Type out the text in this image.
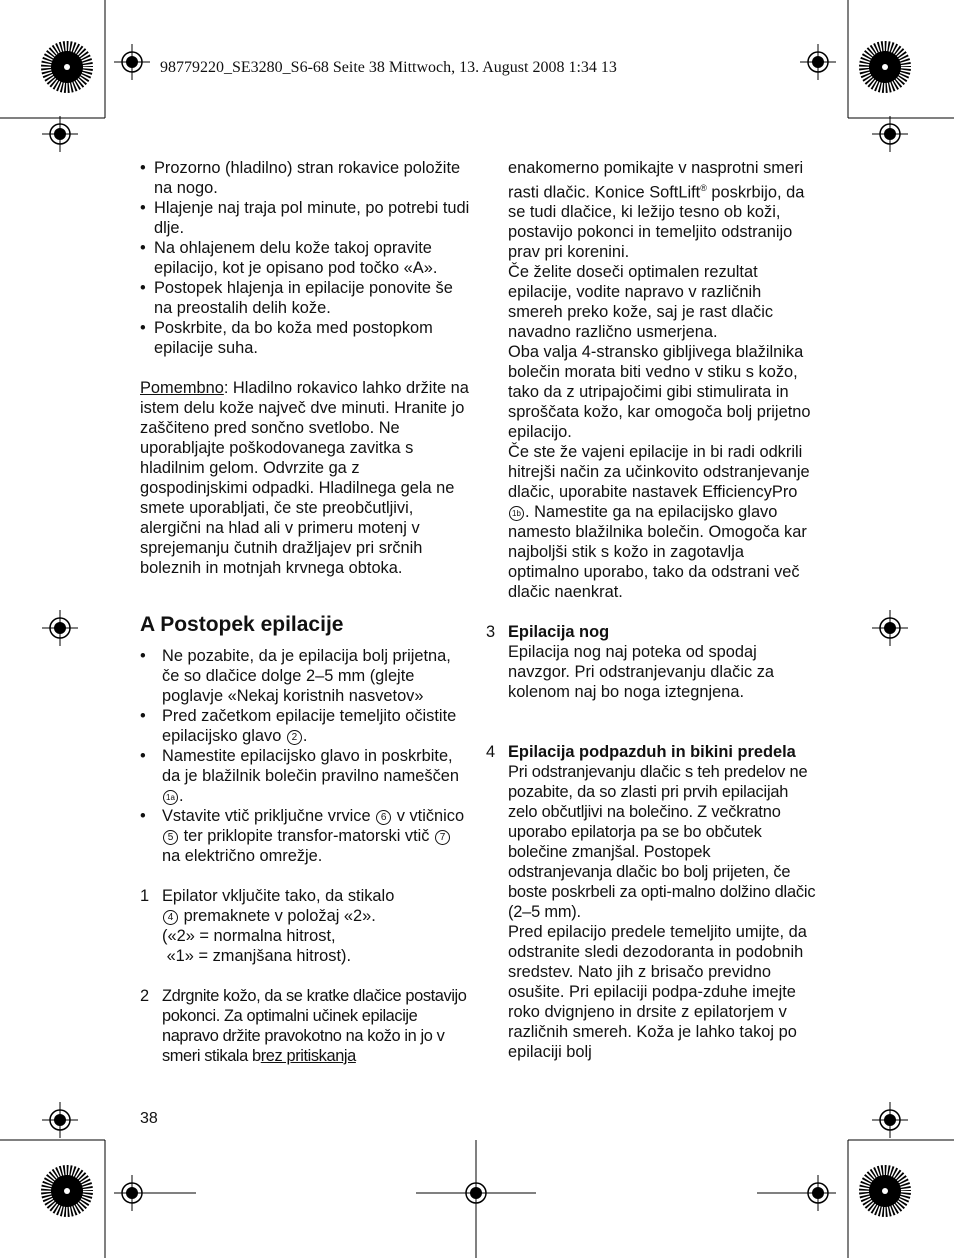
98779220_SE3280_S6-68 Seite 38 Mittwoch, 13. August 2008 1:34 13
• Prozorno (hladilno) stran rokavice položite na nogo.
• Hlajenje naj traja pol minute, po potrebi tudi dlje.
• Na ohlajenem delu kože takoj opravite epilacijo, kot je opisano pod točko «A».
• Postopek hlajenja in epilacije ponovite še na preostalih delih kože.
• Poskrbite, da bo koža med postopkom epilacije suha.

Pomembno: Hladilno rokavico lahko držite na istem delu kože največ dve minuti. Hranite jo zaščiteno pred sončno svetlobo. Ne uporabljajte poškodovanega zavitka s hladilnim gelom. Odvrzite ga z gospodinjskimi odpadki. Hladilnega gela ne smete uporabljati, če ste preobčutljivi, alergični na hlad ali v primeru motenj v sprejemanju čutnih dražljajev pri srčnih boleznih in motnjah krvnega obtoka.

A Postopek epilacije
• Ne pozabite, da je epilacija bolj prijetna, če so dlačice dolge 2–5 mm (glejte poglavje «Nekaj koristnih nasvetov»
• Pred začetkom epilacije temeljito očistite epilacijsko glavo 2 .
• Namestite epilacijsko glavo in poskrbite, da je blažilnik bolečin pravilno nameščen 1a .
• Vstavite vtič priključne vrvice 6 v vtičnico 5 ter priklopite transfor-matorski vtič 7 na električno omrežje.
1 Epilator vključite tako, da stikalo
4 premaknete v položaj «2».
(«2» = normalna hitrost,
«1» = zmanjšana hitrost).
2 Zdrgnite kožo, da se kratke dlačice postavijo pokonci. Za optimalni učinek epilacije napravo držite pravokotno na kožo in jo v smeri stikala brez pritiskanja

enakomerno pomikajte v nasprotni smeri rasti dlačic. Konice SoftLift® poskrbijo, da se tudi dlačice, ki ležijo tesno ob koži, postavijo pokonci in temeljito odstranijo prav pri korenini.

Če želite doseči optimalen rezultat epilacije, vodite napravo v različnih smereh preko kože, saj je rast dlačic navadno različno usmerjena.

Oba valja 4-stransko gibljivega blažilnika bolečin morata biti vedno v stiku s kožo, tako da z utripajočimi gibi stimulirata in sproščata kožo, kar omogoča bolj prijetno epilacijo.

Če ste že vajeni epilacije in bi radi odkrili hitrejši način za učinkovito odstranjevanje dlačic, uporabite nastavek EfficiencyPro 1b . Namestite ga na epilacijsko glavo namesto blažilnika bolečin. Omogoča kar najboljši stik s kožo in zagotavlja optimalno uporabo, tako da odstrani več dlačic naenkrat.

3 Epilacija nog
Epilacija nog naj poteka od spodaj navzgor. Pri odstranjevanju dlačic za kolenom naj bo noga iztegnjena.
4 Epilacija podpazduh in bikini predela
Pri odstranjevanju dlačic s teh predelov ne pozabite, da so zlasti pri prvih epilacijah zelo občutljivi na bolečino. Z večkratno uporabo epilatorja pa se bo občutek bolečine zmanjšal. Postopek odstranjevanja dlačic bo bolj prijeten, če boste poskrbeli za opti-malno dolžino dlačic (2–5 mm).
Pred epilacijo predele temeljito umijte, da odstranite sledi dezodoranta in podobnih sredstev. Nato jih z brisačo previdno osušite. Pri epilaciji podpa-zduhe imejte roko dvignjeno in drsite z epilatorjem v različnih smereh. Koža je lahko takoj po epilaciji bolj
38
